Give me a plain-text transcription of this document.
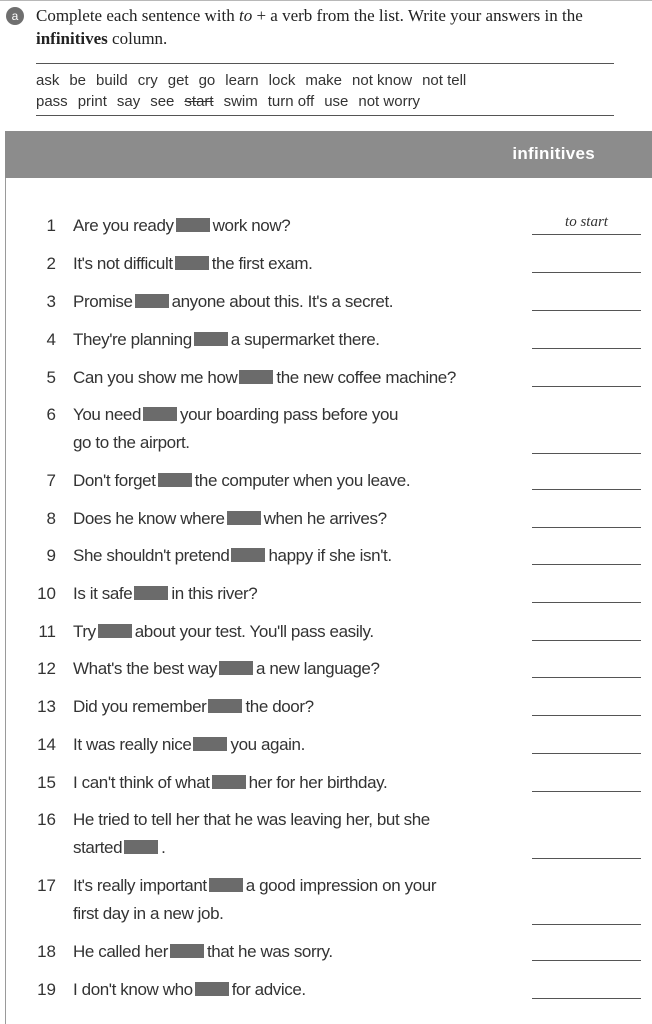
a	Complete each sentence with to + a verb from the list. Write your answers in the infinitives column.
ask be build cry get go learn lock make not know not tell
pass print say see start swim turn off use not worry
infinitives
1 Are you ready work now?	to start
2 It's not difficult the first exam.
3 Promise anyone about this. It's a secret.
4 They're planning a supermarket there.
5 Can you show me how the new coffee machine?
6 You need your boarding pass before you
go to the airport.
7 Don't forget the computer when you leave.
8 Does he know where when he arrives?
9 She shouldn't pretend happy if she isn't.
10 Is it safe in this river?
11 Try about your test. You'll pass easily.
12 What's the best way a new language?
13 Did you remember the door?
14 It was really nice you again.
15 I can't think of what her for her birthday.
16 He tried to tell her that he was leaving her, but she
started .
17 It's really important a good impression on your
first day in a new job.
18 He called her that he was sorry.
19 I don't know who for advice.
